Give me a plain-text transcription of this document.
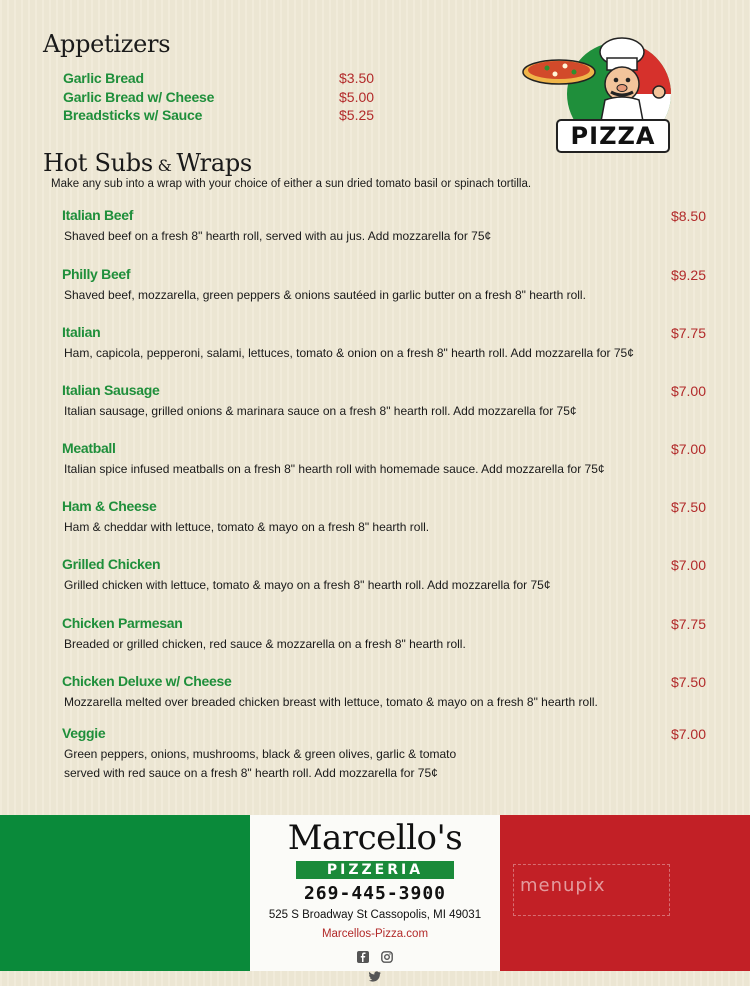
Appetizers
Garlic Bread	$3.50
Garlic Bread w/ Cheese	$5.00
Breadsticks w/ Sauce	$5.25
PIZZA
Hot Subs & Wraps
Make any sub into a wrap with your choice of either a sun dried tomato basil or spinach tortilla.
Italian Beef	$8.50
Shaved beef on a fresh 8" hearth roll, served with au jus. Add mozzarella for 75¢
Philly Beef	$9.25
Shaved beef, mozzarella, green peppers & onions sautéed in garlic butter on a fresh 8" hearth roll.
Italian	$7.75
Ham, capicola, pepperoni, salami, lettuces, tomato & onion on a fresh 8" hearth roll. Add mozzarella for 75¢
Italian Sausage	$7.00
Italian sausage, grilled onions & marinara sauce on a fresh 8" hearth roll. Add mozzarella for 75¢
Meatball	$7.00
Italian spice infused meatballs on a fresh 8" hearth roll with homemade sauce. Add mozzarella for 75¢
Ham & Cheese	$7.50
Ham & cheddar with lettuce, tomato & mayo on a fresh 8" hearth roll.
Grilled Chicken	$7.00
Grilled chicken with lettuce, tomato & mayo on a fresh 8" hearth roll. Add mozzarella for 75¢
Chicken Parmesan	$7.75
Breaded or grilled chicken, red sauce & mozzarella on a fresh 8" hearth roll.
Chicken Deluxe w/ Cheese	$7.50
Mozzarella melted over breaded chicken breast with lettuce, tomato & mayo on a fresh 8" hearth roll.
Veggie	$7.00
Green peppers, onions, mushrooms, black & green olives, garlic & tomato
served with red sauce on a fresh 8" hearth roll. Add mozzarella for 75¢
Marcello's
PIZZERIA
269-445-3900
525 S Broadway St Cassopolis, MI 49031
Marcellos-Pizza.com

menupix
